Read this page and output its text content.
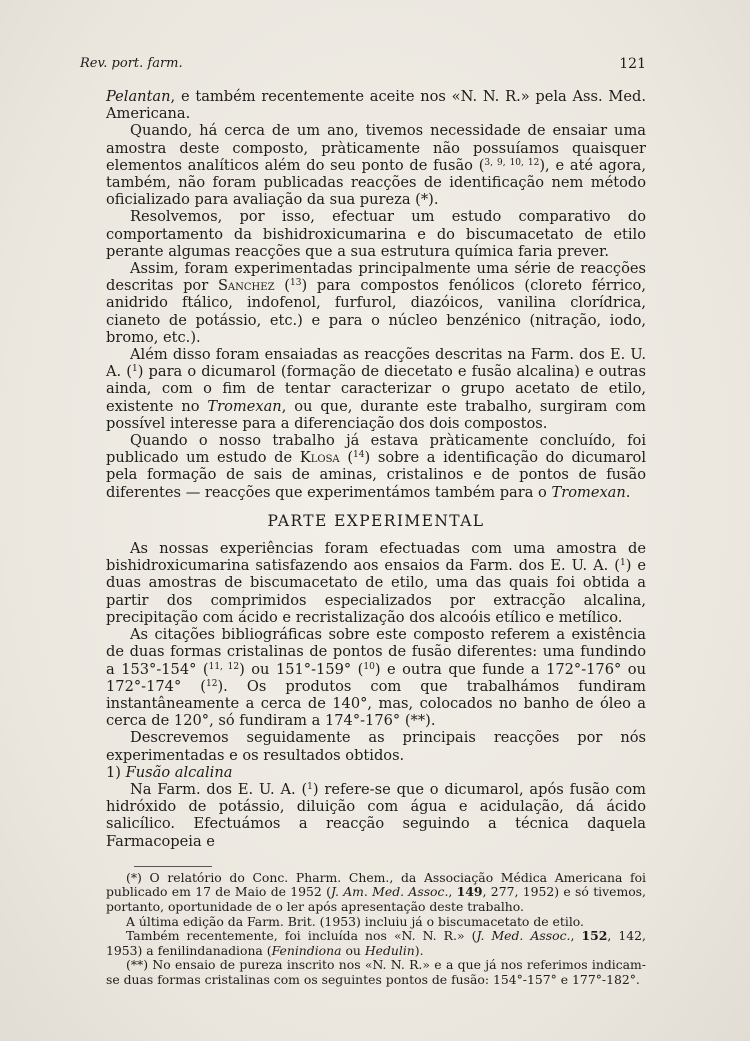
Rev. port. farm.	121

Pelantan, e também recentemente aceite nos «N. N. R.» pela Ass. Med. Americana.

Quando, há cerca de um ano, tivemos necessidade de ensaiar uma amostra deste composto, pràticamente não possuíamos quaisquer elementos analíticos além do seu ponto de fusão ($^{3, 9, 10, 12}$), e até agora, também, não foram publicadas reacções de identificação nem método oficializado para avaliação da sua pureza (*).

Resolvemos, por isso, efectuar um estudo comparativo do comportamento da bishidroxicumarina e do biscumacetato de etilo perante algumas reacções que a sua estrutura química faria prever.

Assim, foram experimentadas principalmente uma série de reacções descritas por Sanchez ($^{13}$) para compostos fenólicos (cloreto férrico, anidrido ftálico, indofenol, furfurol, diazóicos, vanilina clorídrica, cianeto de potássio, etc.) e para o núcleo benzénico (nitração, iodo, bromo, etc.).

Além disso foram ensaiadas as reacções descritas na Farm. dos E. U. A. ($^1$) para o dicumarol (formação de diecetato e fusão alcalina) e outras ainda, com o fim de tentar caracterizar o grupo acetato de etilo, existente no Tromexan, ou que, durante este trabalho, surgiram com possível interesse para a diferenciação dos dois compostos.

Quando o nosso trabalho já estava pràticamente concluído, foi publicado um estudo de Klosa ($^{14}$) sobre a identificação do dicumarol pela formação de sais de aminas, cristalinos e de pontos de fusão diferentes — reacções que experimentámos também para o Tromexan.

PARTE EXPERIMENTAL

As nossas experiências foram efectuadas com uma amostra de bishidroxicumarina satisfazendo aos ensaios da Farm. dos E. U. A. ($^1$) e duas amostras de biscumacetato de etilo, uma das quais foi obtida a partir dos comprimidos especializados por extracção alcalina, precipitação com ácido e recristalização dos alcoóis etílico e metílico.

As citações bibliográficas sobre este composto referem a existência de duas formas cristalinas de pontos de fusão diferentes: uma fundindo a 153°-154° ($^{11, 12}$) ou 151°-159° ($^{10}$) e outra que funde a 172°-176° ou 172°-174° ($^{12}$). Os produtos com que trabalhámos fundiram instantâneamente a cerca de 140°, mas, colocados no banho de óleo a cerca de 120°, só fundiram a 174°-176° (**).

Descrevemos seguidamente as principais reacções por nós experimentadas e os resultados obtidos.

1) Fusão alcalina

Na Farm. dos E. U. A. ($^1$) refere-se que o dicumarol, após fusão com hidróxido de potássio, diluição com água e acidulação, dá ácido salicílico. Efectuámos a reacção seguindo a técnica daquela Farmacopeia e

(*) O relatório do Conc. Pharm. Chem., da Associação Médica Americana foi publicado em 17 de Maio de 1952 (J. Am. Med. Assoc., 149, 277, 1952) e só tivemos, portanto, oportunidade de o ler após apresentação deste trabalho.

A última edição da Farm. Brit. (1953) incluiu já o biscumacetato de etilo.

Também recentemente, foi incluída nos «N. N. R.» (J. Med. Assoc., 152, 142, 1953) a fenilindanadiona (Fenindiona ou Hedulin).

(**) No ensaio de pureza inscrito nos «N. N. R.» e a que já nos referimos indicam-se duas formas cristalinas com os seguintes pontos de fusão: 154°-157° e 177°-182°.
